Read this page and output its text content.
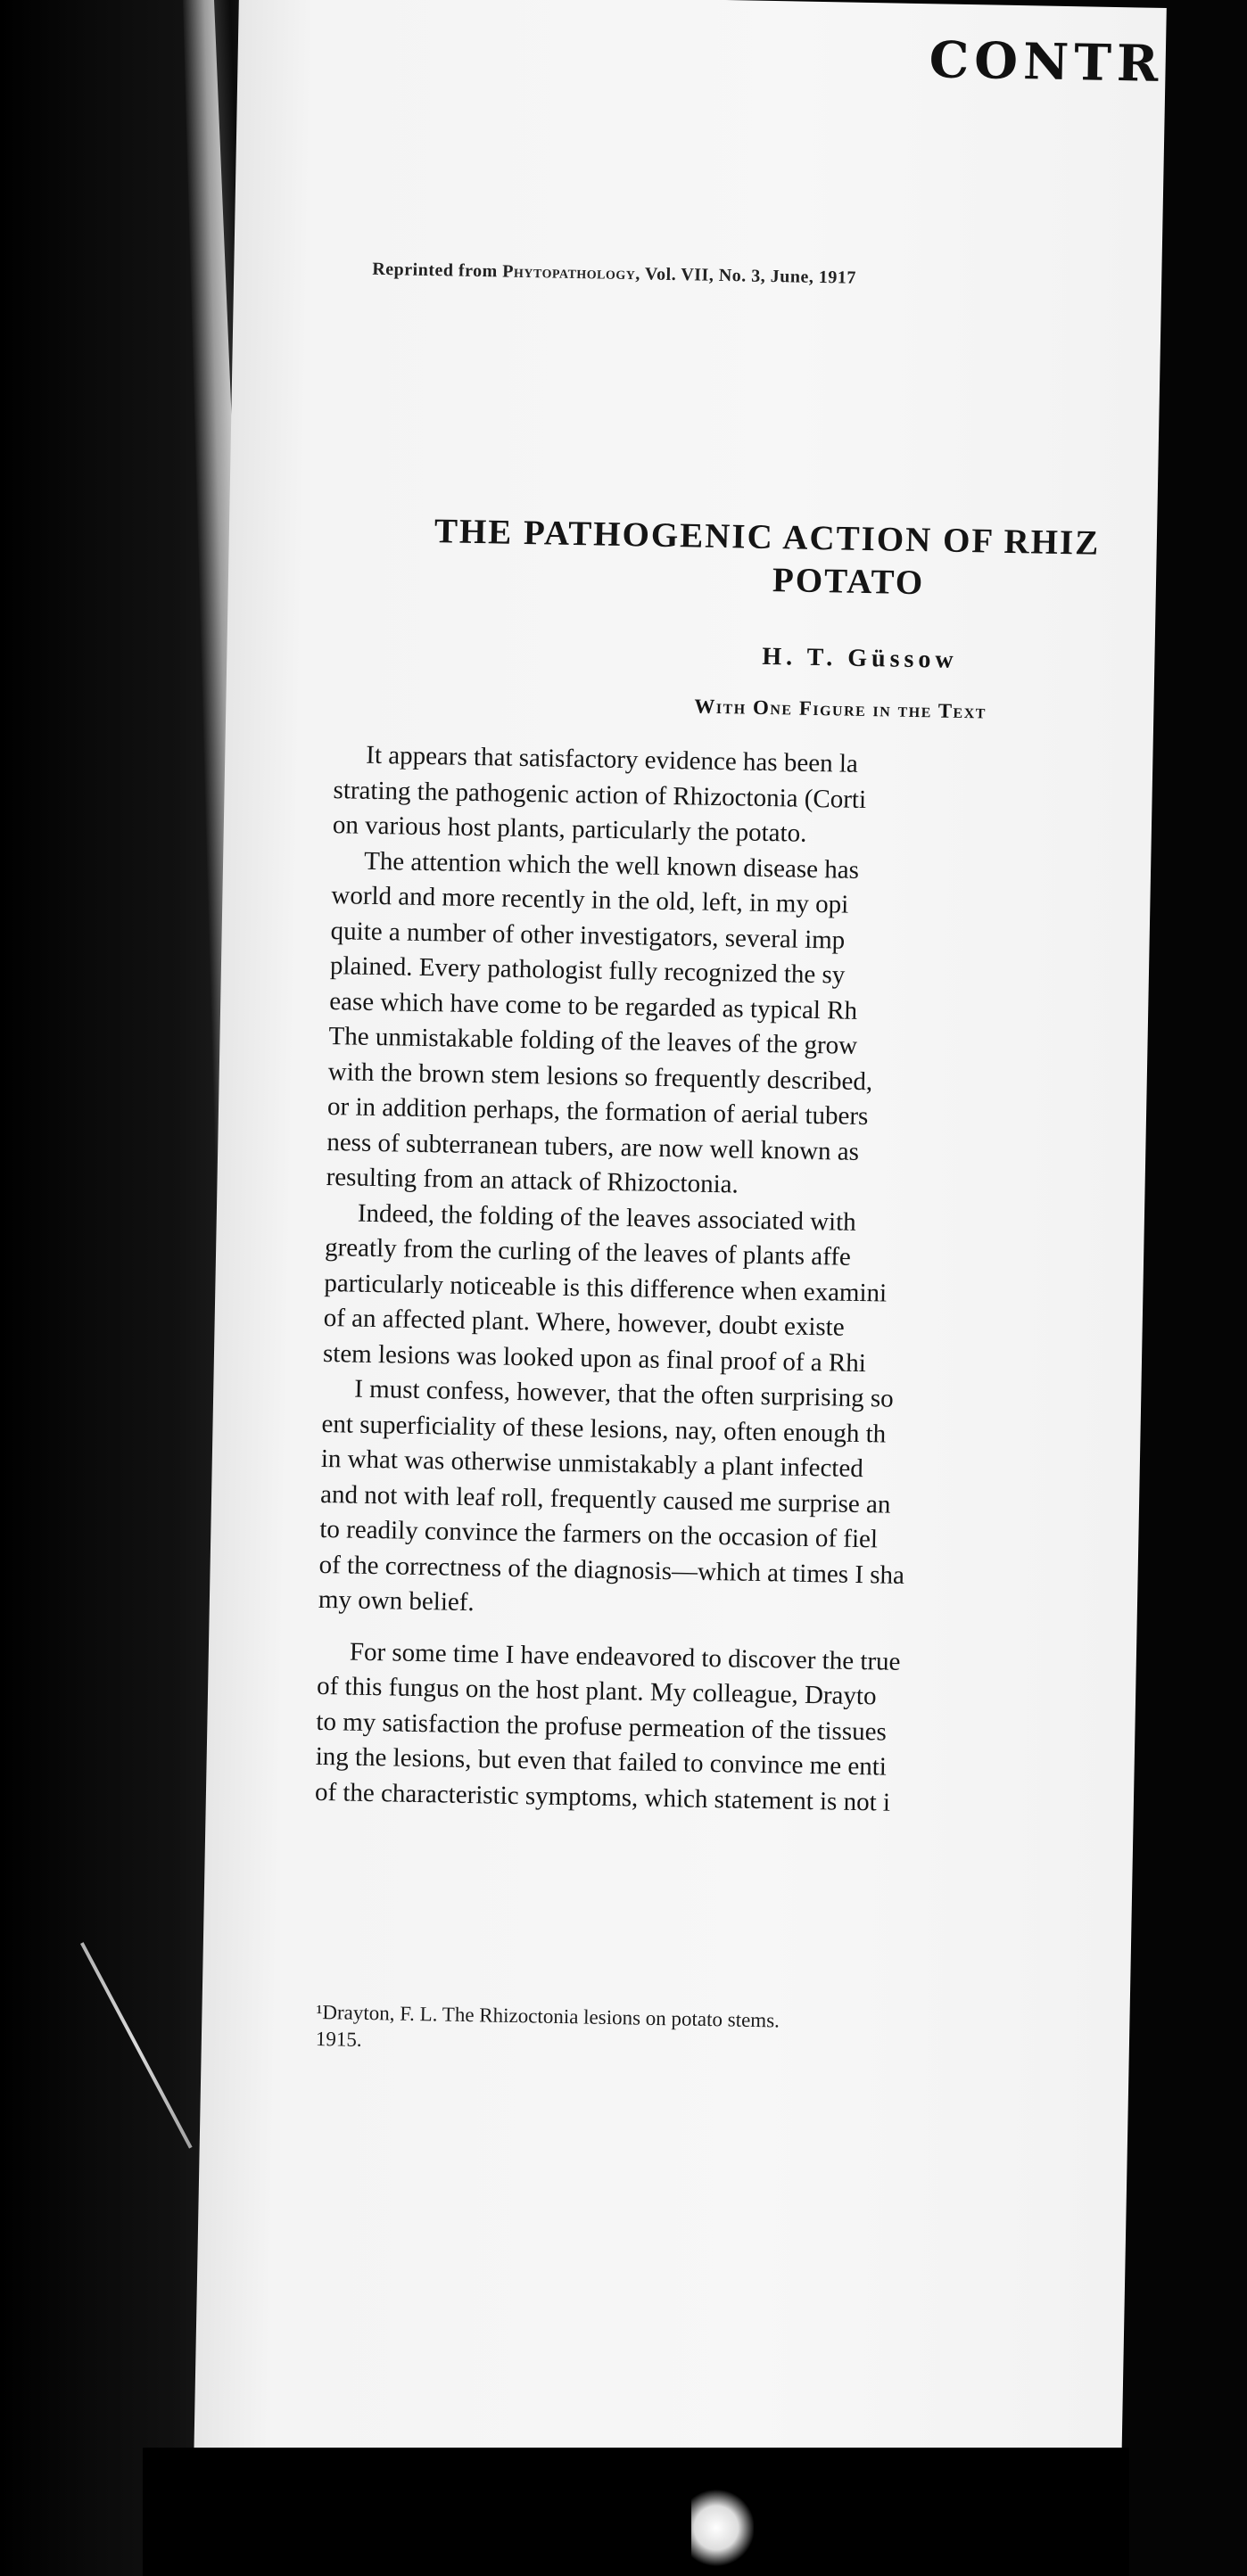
CONTR
Reprinted from Phytopathology, Vol. VII, No. 3, June, 1917
THE PATHOGENIC ACTION OF RHIZ
POTATO
H. T. Güssow
With One Figure in the Text
It appears that satisfactory evidence has been la
strating the pathogenic action of Rhizoctonia (Corti
on various host plants, particularly the potato.
The attention which the well known disease has
world and more recently in the old, left, in my opi
quite a number of other investigators, several imp
plained. Every pathologist fully recognized the sy
ease which have come to be regarded as typical Rh
The unmistakable folding of the leaves of the grow
with the brown stem lesions so frequently described,
or in addition perhaps, the formation of aerial tubers
ness of subterranean tubers, are now well known as
resulting from an attack of Rhizoctonia.
Indeed, the folding of the leaves associated with
greatly from the curling of the leaves of plants affe
particularly noticeable is this difference when examini
of an affected plant. Where, however, doubt existe
stem lesions was looked upon as final proof of a Rhi
I must confess, however, that the often surprising so
ent superficiality of these lesions, nay, often enough th
in what was otherwise unmistakably a plant infected
and not with leaf roll, frequently caused me surprise an
to readily convince the farmers on the occasion of fiel
of the correctness of the diagnosis—which at times I sha
my own belief.
For some time I have endeavored to discover the true
of this fungus on the host plant. My colleague, Drayto
to my satisfaction the profuse permeation of the tissues
ing the lesions, but even that failed to convince me enti
of the characteristic symptoms, which statement is not i
¹Drayton, F. L. The Rhizoctonia lesions on potato stems.
1915.
